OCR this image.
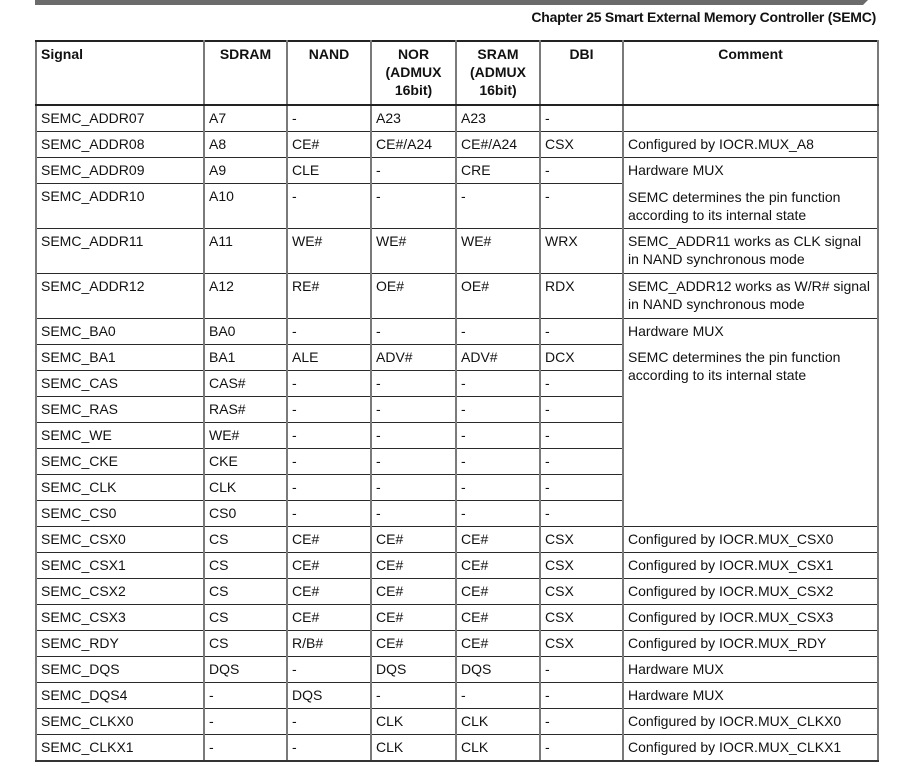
Chapter 25 Smart External Memory Controller (SEMC)
Signal	SDRAM	NAND	NOR
(ADMUX
16bit)	SRAM
(ADMUX
16bit)	DBI	Comment
SEMC_ADDR07	A7	-	A23	A23	-	
SEMC_ADDR08	A8	CE#	CE#/A24	CE#/A24	CSX	Configured by IOCR.MUX_A8
SEMC_ADDR09	A9	CLE	-	CRE	-	Hardware MUX

SEMC determines the pin function according to its internal state

SEMC_ADDR10	A10	-	-	-	-	
SEMC_ADDR11	A11	WE#	WE#	WE#	WRX	SEMC_ADDR11 works as CLK signal in NAND synchronous mode
SEMC_ADDR12	A12	RE#	OE#	OE#	RDX	SEMC_ADDR12 works as W/R# signal in NAND synchronous mode
SEMC_BA0	BA0	-	-	-	-	Hardware MUX

SEMC determines the pin function according to its internal state

SEMC_BA1	BA1	ALE	ADV#	ADV#	DCX	
SEMC_CAS	CAS#	-	-	-	-	
SEMC_RAS	RAS#	-	-	-	-	
SEMC_WE	WE#	-	-	-	-	
SEMC_CKE	CKE	-	-	-	-	
SEMC_CLK	CLK	-	-	-	-	
SEMC_CS0	CS0	-	-	-	-	
SEMC_CSX0	CS	CE#	CE#	CE#	CSX	Configured by IOCR.MUX_CSX0
SEMC_CSX1	CS	CE#	CE#	CE#	CSX	Configured by IOCR.MUX_CSX1
SEMC_CSX2	CS	CE#	CE#	CE#	CSX	Configured by IOCR.MUX_CSX2
SEMC_CSX3	CS	CE#	CE#	CE#	CSX	Configured by IOCR.MUX_CSX3
SEMC_RDY	CS	R/B#	CE#	CE#	CSX	Configured by IOCR.MUX_RDY
SEMC_DQS	DQS	-	DQS	DQS	-	Hardware MUX
SEMC_DQS4	-	DQS	-	-	-	Hardware MUX
SEMC_CLKX0	-	-	CLK	CLK	-	Configured by IOCR.MUX_CLKX0
SEMC_CLKX1	-	-	CLK	CLK	-	Configured by IOCR.MUX_CLKX1
